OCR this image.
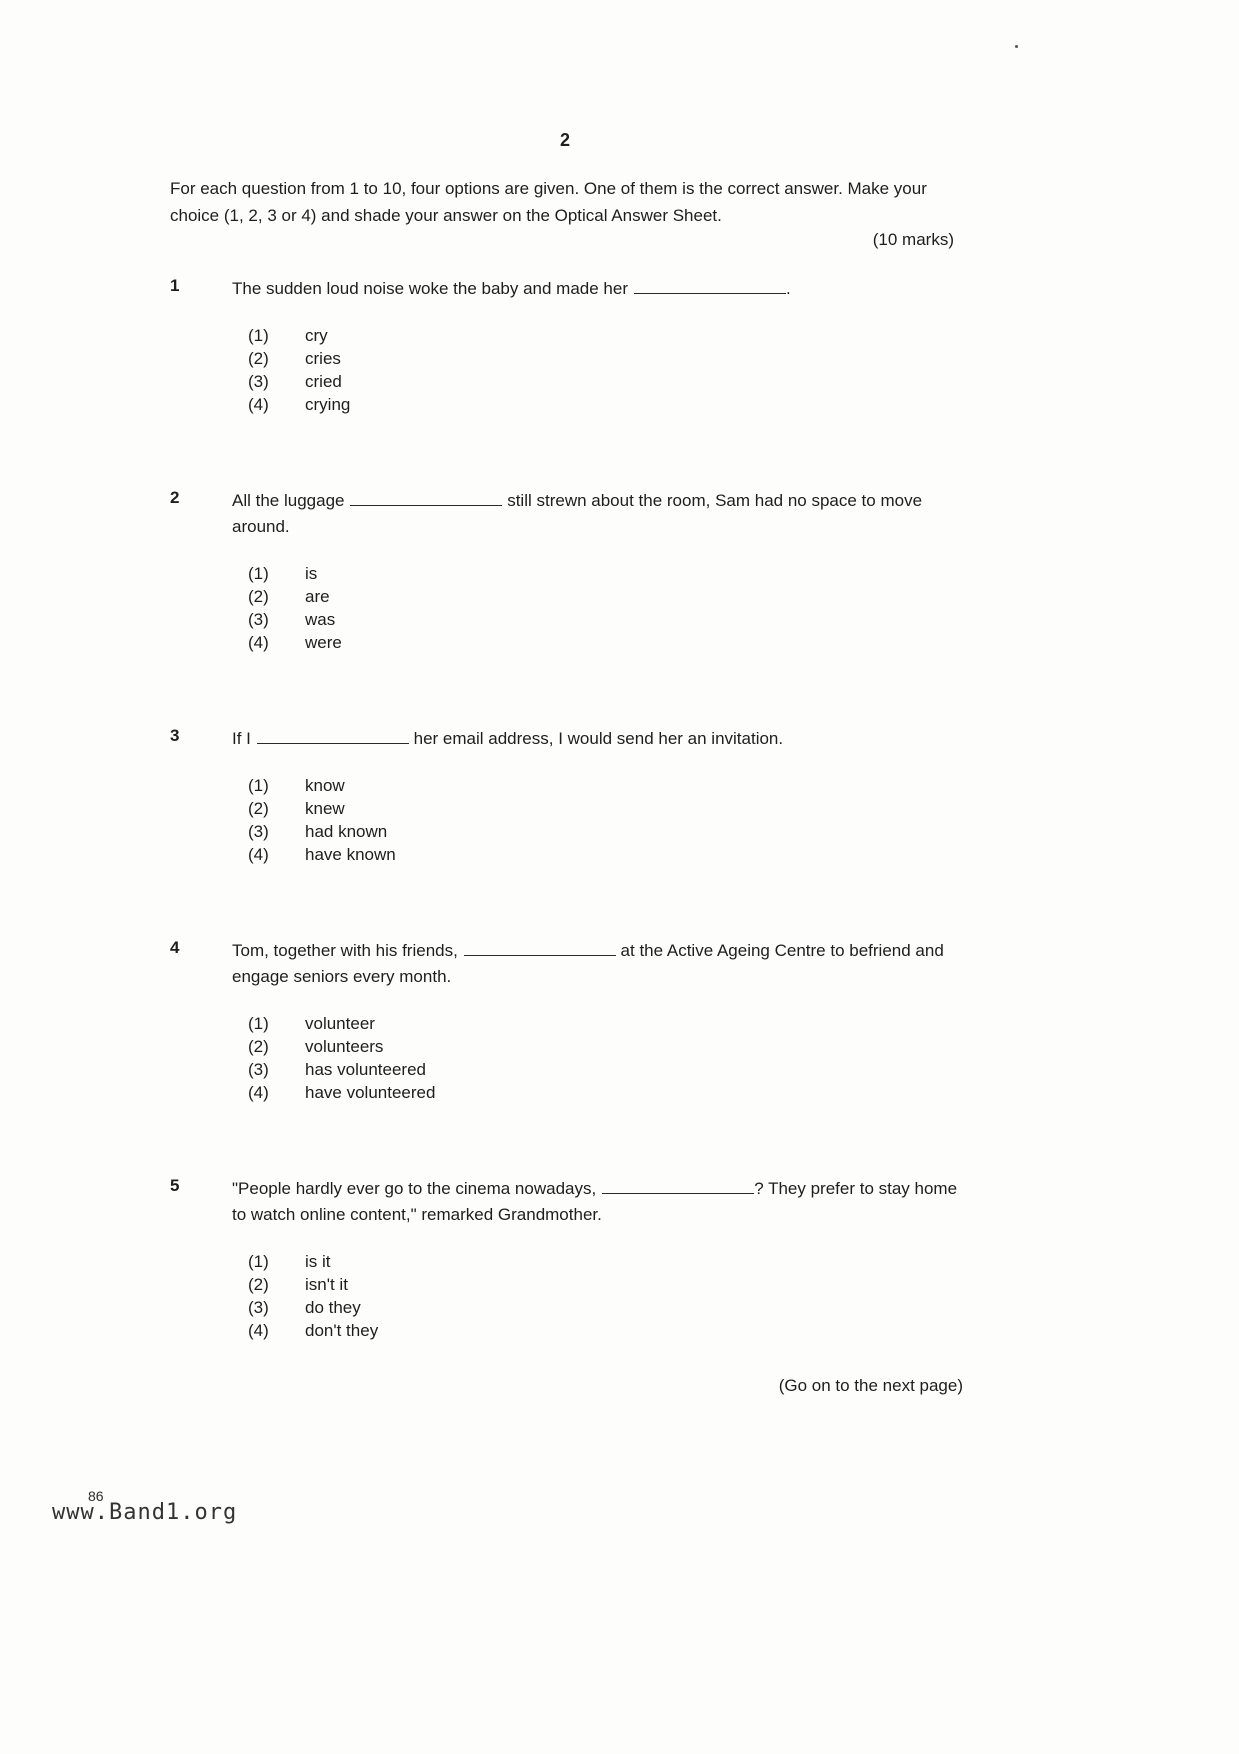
2
For each question from 1 to 10, four options are given. One of them is the correct answer. Make your choice (1, 2, 3 or 4) and shade your answer on the Optical Answer Sheet.
(10 marks)
1	The sudden loud noise woke the baby and made her	.
(1) cry
(2) cries
(3) cried
(4) crying
2	All the luggage	still strewn about the room, Sam had no space to move around.
(1) is
(2) are
(3) was
(4) were
3	If I	her email address, I would send her an invitation.
(1) know
(2) knew
(3) had known
(4) have known
4	Tom, together with his friends,	at the Active Ageing Centre to befriend and engage seniors every month.
(1) volunteer
(2) volunteers
(3) has volunteered
(4) have volunteered
5	"People hardly ever go to the cinema nowadays,	? They prefer to stay home to watch online content," remarked Grandmother.
(1) is it
(2) isn't it
(3) do they
(4) don't they
(Go on to the next page)
86
www.Band1.org
